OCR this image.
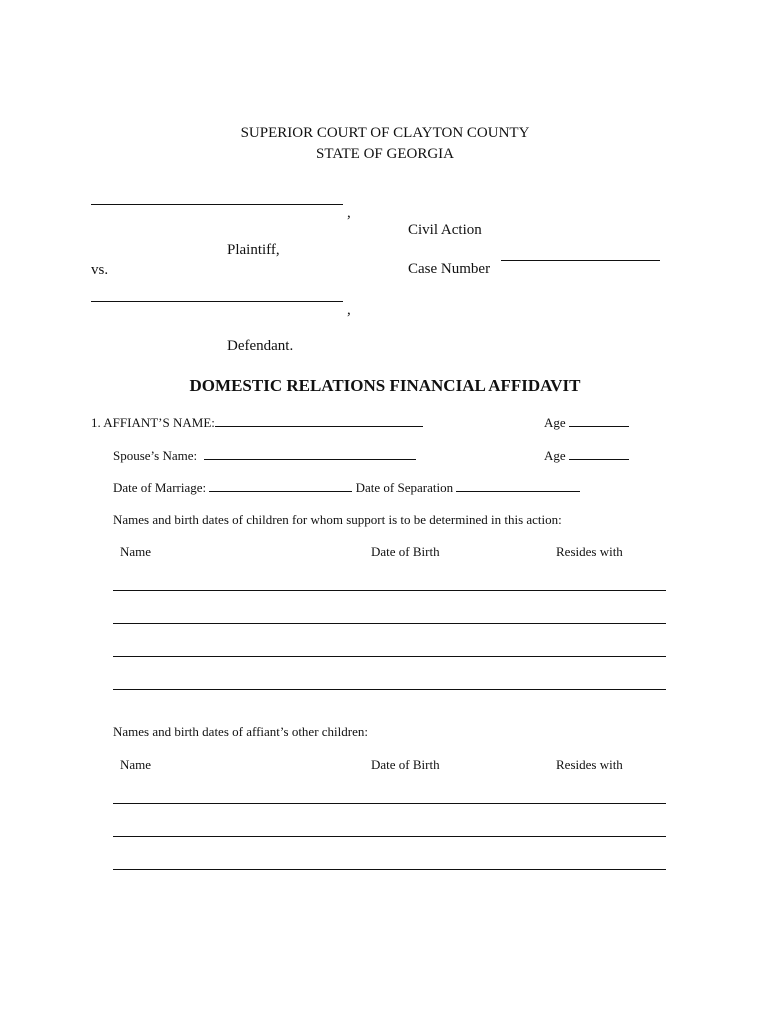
SUPERIOR COURT OF CLAYTON COUNTY
STATE OF GEORGIA
,
Plaintiff,
vs.
Civil Action
Case Number
,
Defendant.
DOMESTIC RELATIONS FINANCIAL AFFIDAVIT
1. AFFIANT’S NAME:	Age
Spouse’s Name:	Age
Date of Marriage:	Date of Separation
Names and birth dates of children for whom support is to be determined in this action:
Name	Date of Birth	Resides with
Names and birth dates of affiant’s other children:
Name	Date of Birth	Resides with
